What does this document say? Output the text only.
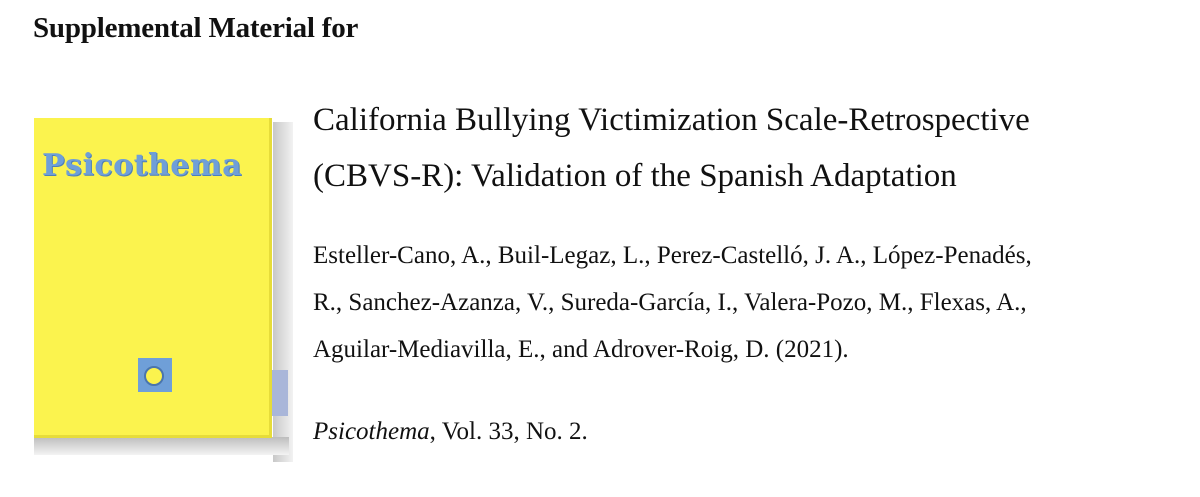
Supplemental Material for
Psicothema

California Bullying Victimization Scale-Retrospective
(CBVS-R): Validation of the Spanish Adaptation

Esteller-Cano, A., Buil-Legaz, L., Perez-Castelló, J. A., López-Penadés,
R., Sanchez-Azanza, V., Sureda-García, I., Valera-Pozo, M., Flexas, A.,
Aguilar-Mediavilla, E., and Adrover-Roig, D. (2021).

Psicothema, Vol. 33, No. 2.
